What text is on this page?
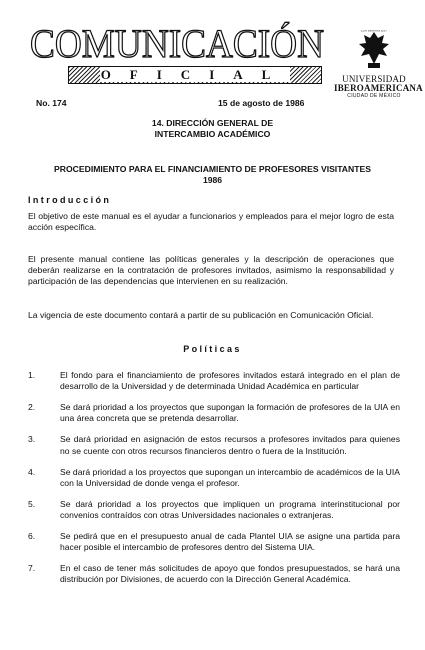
COMUNICACIÓN
OFICIAL
LUX VERITAS EST
UNIVERSIDAD
IBEROAMERICANA
CIUDAD DE MÉXICO
No. 174	15 de agosto de 1986
14. DIRECCIÓN GENERAL DE
INTERCAMBIO ACADÉMICO
PROCEDIMIENTO PARA EL FINANCIAMIENTO DE PROFESORES VISITANTES
1986
Introducción

El objetivo de este manual es el ayudar a funcionarios y empleados para el mejor logro de esta acción específica.

El presente manual contiene las políticas generales y la descripción de operaciones que deberán realizarse en la contratación de profesores invitados, asimismo la responsabilidad y participación de las dependencias que intervienen en su realización.

La vigencia de este documento contará a partir de su publicación en Comunicación Oficial.

Políticas
1.	El fondo para el financiamiento de profesores invitados estará integrado en el plan de desarrollo de la Universidad y de determinada Unidad Académica en particular
2.	Se dará prioridad a los proyectos que supongan la formación de profesores de la UIA en una área concreta que se pretenda desarrollar.
3.	Se dará prioridad en asignación de estos recursos a profesores invitados para quienes no se cuente con otros recursos financieros dentro o fuera de la Institución.
4.	Se dará prioridad a los proyectos que supongan un intercambio de académicos de la UIA con la Universidad de donde venga el profesor.
5.	Se dará prioridad a los proyectos que impliquen un programa interinstitucional por convenios contraídos con otras Universidades nacionales o extranjeras.
6.	Se pedirá que en el presupuesto anual de cada Plantel UIA se asigne una partida para hacer posible el intercambio de profesores dentro del Sistema UIA.
7.	En el caso de tener más solicitudes de apoyo que fondos presupuestados, se hará una distribución por Divisiones, de acuerdo con la Dirección General Académica.
